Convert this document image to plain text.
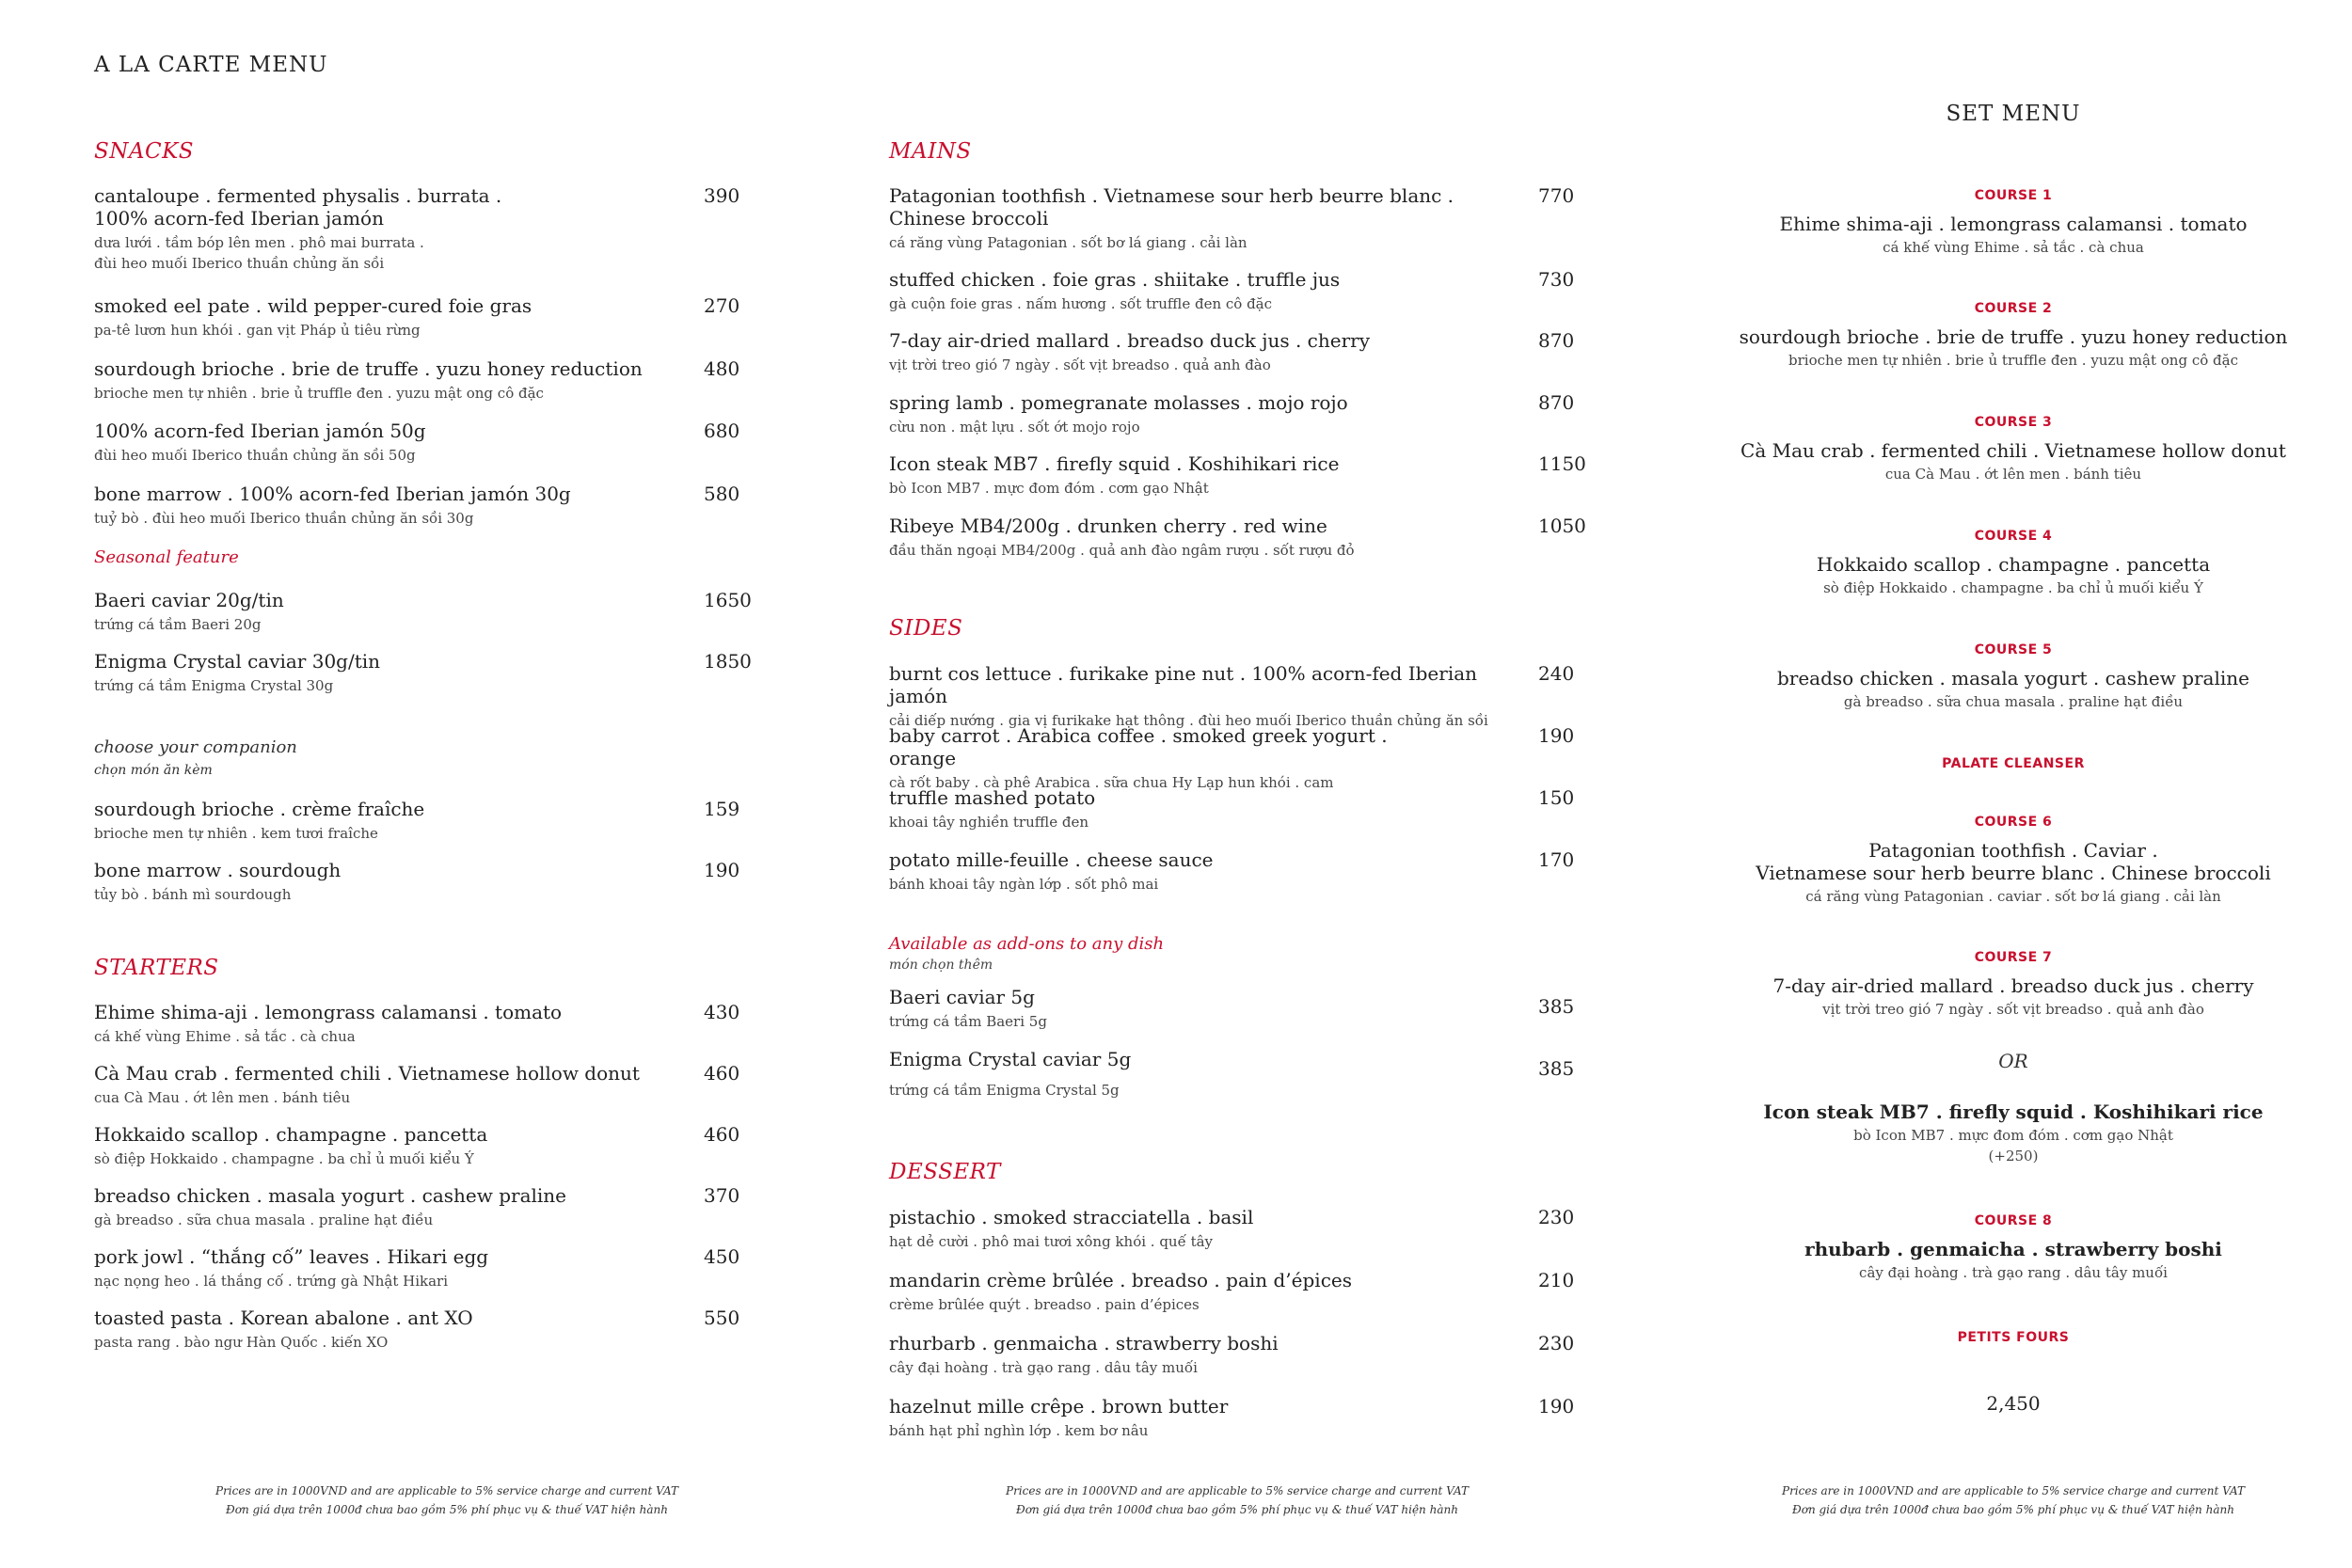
A LA CARTE MENU
SNACKS
cantaloupe . fermented physalis . burrata .
100% acorn-fed Iberian jamón
dưa lưới . tầm bóp lên men . phô mai burrata .
đùi heo muối Iberico thuần chủng ăn sồi
390
smoked eel pate . wild pepper-cured foie gras
pa-tê lươn hun khói . gan vịt Pháp ủ tiêu rừng
270
sourdough brioche . brie de truffe . yuzu honey reduction
brioche men tự nhiên . brie ủ truffle đen . yuzu mật ong cô đặc
480
100% acorn-fed Iberian jamón 50g
đùi heo muối Iberico thuần chủng ăn sồi 50g
680
bone marrow . 100% acorn-fed Iberian jamón 30g
tuỷ bò . đùi heo muối Iberico thuần chủng ăn sồi 30g
580
Seasonal feature
Baeri caviar 20g/tin
trứng cá tầm Baeri 20g
1650
Enigma Crystal caviar 30g/tin
trứng cá tầm Enigma Crystal 30g
1850
choose your companion
chọn món ăn kèm
sourdough brioche . crème fraîche
brioche men tự nhiên . kem tươi fraîche
159
bone marrow . sourdough
tủy bò . bánh mì sourdough
190
STARTERS
Ehime shima-aji . lemongrass calamansi . tomato
cá khế vùng Ehime . sả tắc . cà chua
430
Cà Mau crab . fermented chili . Vietnamese hollow donut
cua Cà Mau . ớt lên men . bánh tiêu
460
Hokkaido scallop . champagne . pancetta
sò điệp Hokkaido . champagne . ba chỉ ủ muối kiểu Ý
460
breadso chicken . masala yogurt . cashew praline
gà breadso . sữa chua masala . praline hạt điều
370
pork jowl . “thắng cố” leaves . Hikari egg
nạc nọng heo . lá thắng cố . trứng gà Nhật Hikari
450
toasted pasta . Korean abalone . ant XO
pasta rang . bào ngư Hàn Quốc . kiến XO
550
Prices are in 1000VND and are applicable to 5% service charge and current VAT
Đơn giá dựa trên 1000đ chưa bao gồm 5% phí phục vụ & thuế VAT hiện hành
MAINS
Patagonian toothfish . Vietnamese sour herb beurre blanc .
Chinese broccoli
cá răng vùng Patagonian . sốt bơ lá giang . cải làn
770
stuffed chicken . foie gras . shiitake . truffle jus
gà cuộn foie gras . nấm hương . sốt truffle đen cô đặc
730
7-day air-dried mallard . breadso duck jus . cherry
vịt trời treo gió 7 ngày . sốt vịt breadso . quả anh đào
870
spring lamb . pomegranate molasses . mojo rojo
cừu non . mật lựu . sốt ớt mojo rojo
870
Icon steak MB7 . firefly squid . Koshihikari rice
bò Icon MB7 . mực đom đóm . cơm gạo Nhật
1150
Ribeye MB4/200g . drunken cherry . red wine
đầu thăn ngoại MB4/200g . quả anh đào ngâm rượu . sốt rượu đỏ
1050
SIDES
burnt cos lettuce . furikake pine nut . 100% acorn-fed Iberian jamón
cải diếp nướng . gia vị furikake hạt thông . đùi heo muối Iberico thuần chủng ăn sồi
240
baby carrot . Arabica coffee . smoked greek yogurt . orange
cà rốt baby . cà phê Arabica . sữa chua Hy Lạp hun khói . cam
190
truffle mashed potato
khoai tây nghiền truffle đen
150
potato mille-feuille . cheese sauce
bánh khoai tây ngàn lớp . sốt phô mai
170
Available as add-ons to any dish
món chọn thêm
Baeri caviar 5g
trứng cá tầm Baeri 5g
385
Enigma Crystal caviar 5g
trứng cá tầm Enigma Crystal 5g
385
DESSERT
pistachio . smoked stracciatella . basil
hạt dẻ cười . phô mai tươi xông khói . quế tây
230
mandarin crème brûlée . breadso . pain d’épices
crème brûlée quýt . breadso . pain d’épices
210
rhurbarb . genmaicha . strawberry boshi
cây đại hoàng . trà gạo rang . dâu tây muối
230
hazelnut mille crêpe . brown butter
bánh hạt phỉ nghìn lớp . kem bơ nâu
190
Prices are in 1000VND and are applicable to 5% service charge and current VAT
Đơn giá dựa trên 1000đ chưa bao gồm 5% phí phục vụ & thuế VAT hiện hành
SET MENU
COURSE 1
Ehime shima-aji . lemongrass calamansi . tomato
cá khế vùng Ehime . sả tắc . cà chua
COURSE 2
sourdough brioche . brie de truffe . yuzu honey reduction
brioche men tự nhiên . brie ủ truffle đen . yuzu mật ong cô đặc
COURSE 3
Cà Mau crab . fermented chili . Vietnamese hollow donut
cua Cà Mau . ớt lên men . bánh tiêu
COURSE 4
Hokkaido scallop . champagne . pancetta
sò điệp Hokkaido . champagne . ba chỉ ủ muối kiểu Ý
COURSE 5
breadso chicken . masala yogurt . cashew praline
gà breadso . sữa chua masala . praline hạt điều
PALATE CLEANSER
COURSE 6
Patagonian toothfish . Caviar .
Vietnamese sour herb beurre blanc . Chinese broccoli
cá răng vùng Patagonian . caviar . sốt bơ lá giang . cải làn
COURSE 7
7-day air-dried mallard . breadso duck jus . cherry
vịt trời treo gió 7 ngày . sốt vịt breadso . quả anh đào
OR
Icon steak MB7 . firefly squid . Koshihikari rice
bò Icon MB7 . mực đom đóm . cơm gạo Nhật
(+250)
COURSE 8
rhubarb . genmaicha . strawberry boshi
cây đại hoàng . trà gạo rang . dâu tây muối
PETITS FOURS
2,450
Prices are in 1000VND and are applicable to 5% service charge and current VAT
Đơn giá dựa trên 1000đ chưa bao gồm 5% phí phục vụ & thuế VAT hiện hành
